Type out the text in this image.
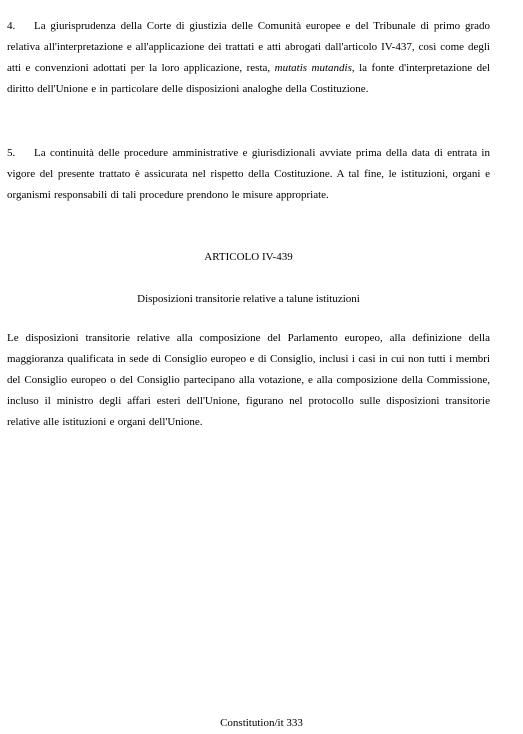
4. La giurisprudenza della Corte di giustizia delle Comunità europee e del Tribunale di primo grado relativa all'interpretazione e all'applicazione dei trattati e atti abrogati dall'articolo IV-437, così come degli atti e convenzioni adottati per la loro applicazione, resta, mutatis mutandis, la fonte d'interpretazione del diritto dell'Unione e in particolare delle disposizioni analoghe della Costituzione.

5. La continuità delle procedure amministrative e giurisdizionali avviate prima della data di entrata in vigore del presente trattato è assicurata nel rispetto della Costituzione. A tal fine, le istituzioni, organi e organismi responsabili di tali procedure prendono le misure appropriate.

ARTICOLO IV-439

Disposizioni transitorie relative a talune istituzioni

Le disposizioni transitorie relative alla composizione del Parlamento europeo, alla definizione della maggioranza qualificata in sede di Consiglio europeo e di Consiglio, inclusi i casi in cui non tutti i membri del Consiglio europeo o del Consiglio partecipano alla votazione, e alla composizione della Commissione, incluso il ministro degli affari esteri dell'Unione, figurano nel protocollo sulle disposizioni transitorie relative alle istituzioni e organi dell'Unione.

Constitution/it 333
